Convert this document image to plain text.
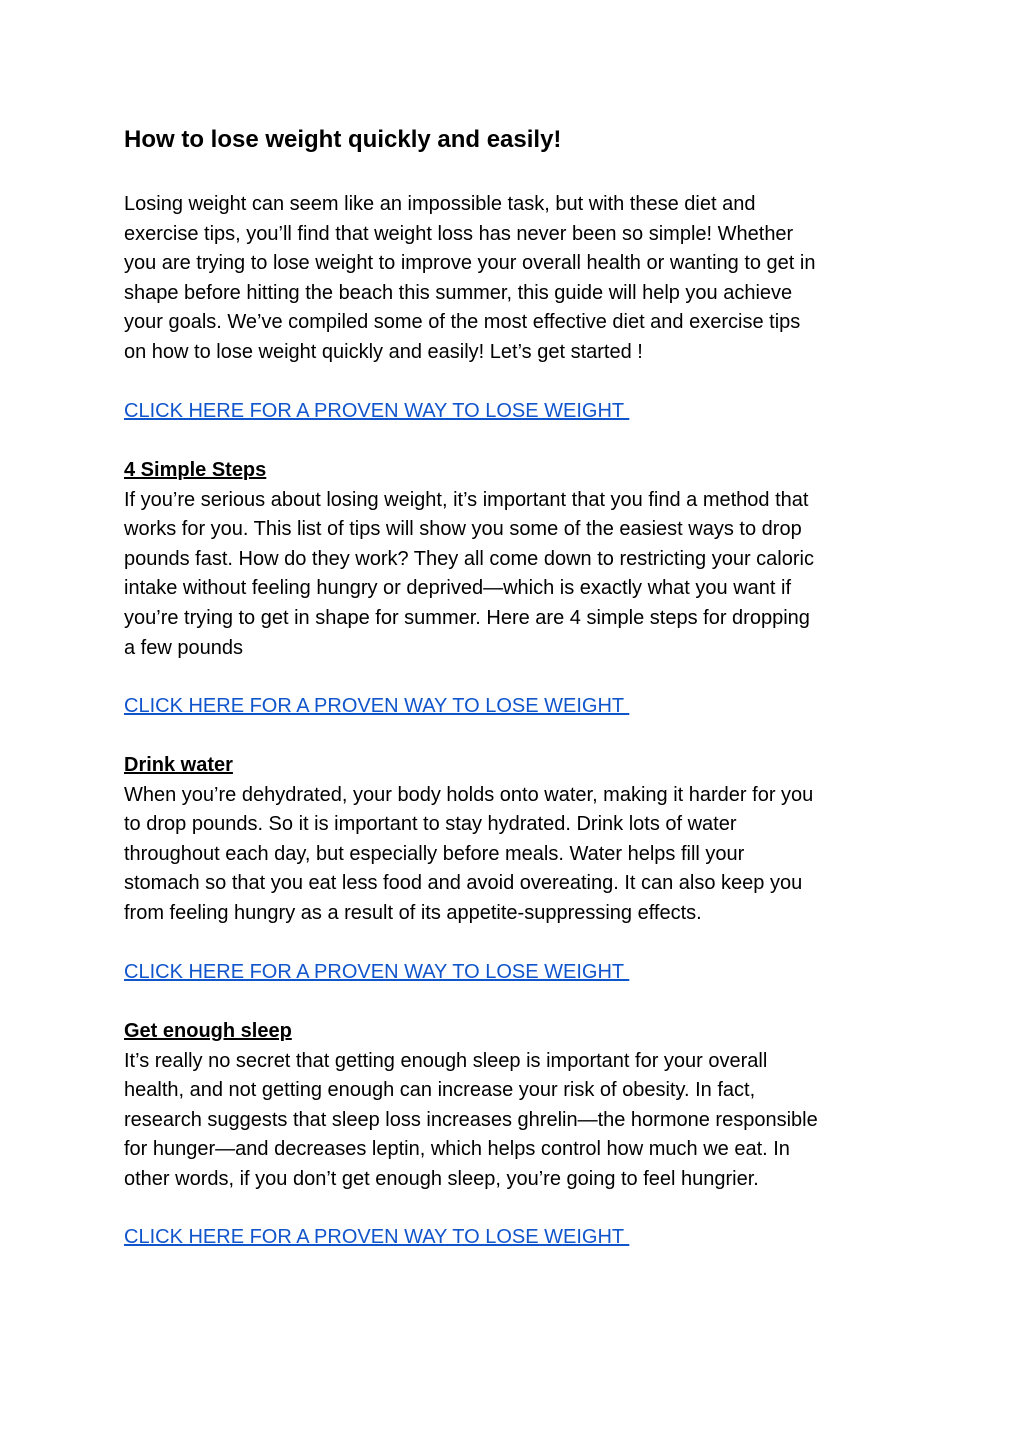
How to lose weight quickly and easily!

Losing weight can seem like an impossible task, but with these diet and
exercise tips, you’ll find that weight loss has never been so simple! Whether
you are trying to lose weight to improve your overall health or wanting to get in
shape before hitting the beach this summer, this guide will help you achieve
your goals. We’ve compiled some of the most effective diet and exercise tips
on how to lose weight quickly and easily! Let’s get started !

CLICK HERE FOR A PROVEN WAY TO LOSE WEIGHT
4 Simple Steps

If you’re serious about losing weight, it’s important that you find a method that
works for you. This list of tips will show you some of the easiest ways to drop
pounds fast. How do they work? They all come down to restricting your caloric
intake without feeling hungry or deprived—which is exactly what you want if
you’re trying to get in shape for summer. Here are 4 simple steps for dropping
a few pounds

CLICK HERE FOR A PROVEN WAY TO LOSE WEIGHT
Drink water

When you’re dehydrated, your body holds onto water, making it harder for you
to drop pounds. So it is important to stay hydrated. Drink lots of water
throughout each day, but especially before meals. Water helps fill your
stomach so that you eat less food and avoid overeating. It can also keep you
from feeling hungry as a result of its appetite-suppressing effects.

CLICK HERE FOR A PROVEN WAY TO LOSE WEIGHT
Get enough sleep

It’s really no secret that getting enough sleep is important for your overall
health, and not getting enough can increase your risk of obesity. In fact,
research suggests that sleep loss increases ghrelin—the hormone responsible
for hunger—and decreases leptin, which helps control how much we eat. In
other words, if you don’t get enough sleep, you’re going to feel hungrier.

CLICK HERE FOR A PROVEN WAY TO LOSE WEIGHT
